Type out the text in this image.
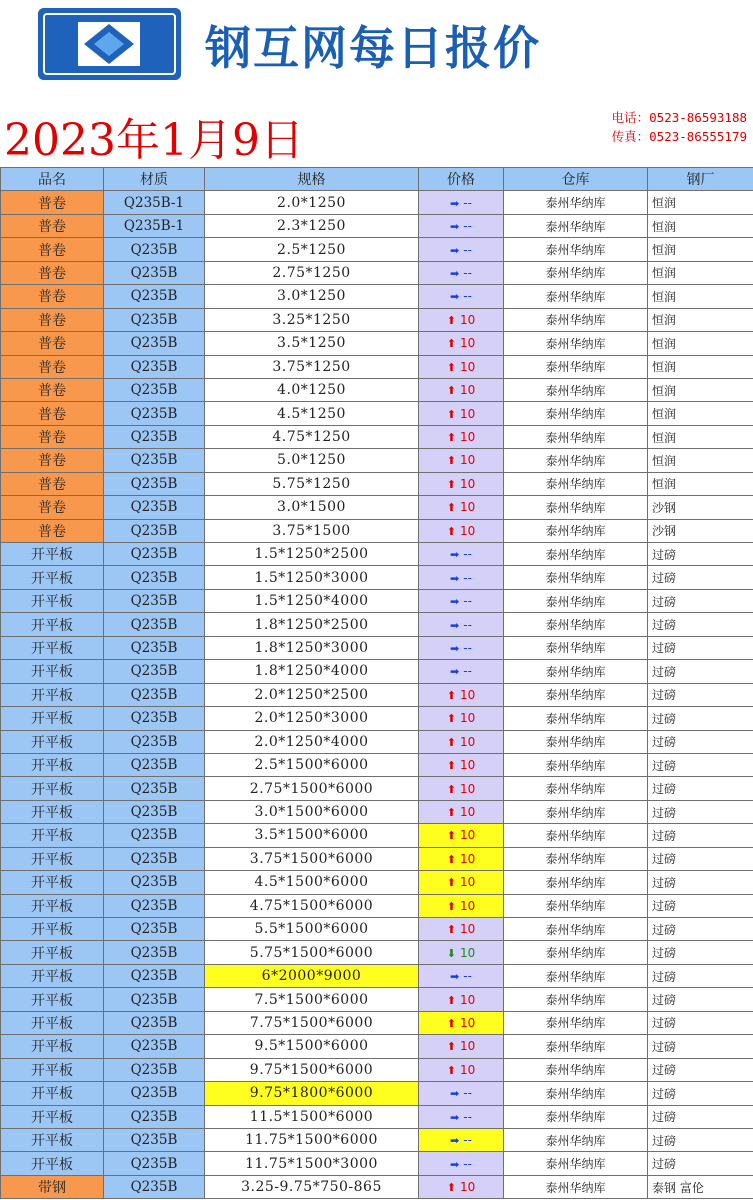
钢互网每日报价
2023年1月9日	电话：0523-86593188
传真：0523-86555179
品名	材质	规格	价格	仓库	钢厂
普卷	Q235B-1	2.0*1250	➡ --	泰州华纳库	恒润
普卷	Q235B-1	2.3*1250	➡ --	泰州华纳库	恒润
普卷	Q235B	2.5*1250	➡ --	泰州华纳库	恒润
普卷	Q235B	2.75*1250	➡ --	泰州华纳库	恒润
普卷	Q235B	3.0*1250	➡ --	泰州华纳库	恒润
普卷	Q235B	3.25*1250	⬆ 10	泰州华纳库	恒润
普卷	Q235B	3.5*1250	⬆ 10	泰州华纳库	恒润
普卷	Q235B	3.75*1250	⬆ 10	泰州华纳库	恒润
普卷	Q235B	4.0*1250	⬆ 10	泰州华纳库	恒润
普卷	Q235B	4.5*1250	⬆ 10	泰州华纳库	恒润
普卷	Q235B	4.75*1250	⬆ 10	泰州华纳库	恒润
普卷	Q235B	5.0*1250	⬆ 10	泰州华纳库	恒润
普卷	Q235B	5.75*1250	⬆ 10	泰州华纳库	恒润
普卷	Q235B	3.0*1500	⬆ 10	泰州华纳库	沙钢
普卷	Q235B	3.75*1500	⬆ 10	泰州华纳库	沙钢
开平板	Q235B	1.5*1250*2500	➡ --	泰州华纳库	过磅
开平板	Q235B	1.5*1250*3000	➡ --	泰州华纳库	过磅
开平板	Q235B	1.5*1250*4000	➡ --	泰州华纳库	过磅
开平板	Q235B	1.8*1250*2500	➡ --	泰州华纳库	过磅
开平板	Q235B	1.8*1250*3000	➡ --	泰州华纳库	过磅
开平板	Q235B	1.8*1250*4000	➡ --	泰州华纳库	过磅
开平板	Q235B	2.0*1250*2500	⬆ 10	泰州华纳库	过磅
开平板	Q235B	2.0*1250*3000	⬆ 10	泰州华纳库	过磅
开平板	Q235B	2.0*1250*4000	⬆ 10	泰州华纳库	过磅
开平板	Q235B	2.5*1500*6000	⬆ 10	泰州华纳库	过磅
开平板	Q235B	2.75*1500*6000	⬆ 10	泰州华纳库	过磅
开平板	Q235B	3.0*1500*6000	⬆ 10	泰州华纳库	过磅
开平板	Q235B	3.5*1500*6000	⬆ 10	泰州华纳库	过磅
开平板	Q235B	3.75*1500*6000	⬆ 10	泰州华纳库	过磅
开平板	Q235B	4.5*1500*6000	⬆ 10	泰州华纳库	过磅
开平板	Q235B	4.75*1500*6000	⬆ 10	泰州华纳库	过磅
开平板	Q235B	5.5*1500*6000	⬆ 10	泰州华纳库	过磅
开平板	Q235B	5.75*1500*6000	⬇ 10	泰州华纳库	过磅
开平板	Q235B	6*2000*9000	➡ --	泰州华纳库	过磅
开平板	Q235B	7.5*1500*6000	⬆ 10	泰州华纳库	过磅
开平板	Q235B	7.75*1500*6000	⬆ 10	泰州华纳库	过磅
开平板	Q235B	9.5*1500*6000	⬆ 10	泰州华纳库	过磅
开平板	Q235B	9.75*1500*6000	⬆ 10	泰州华纳库	过磅
开平板	Q235B	9.75*1800*6000	➡ --	泰州华纳库	过磅
开平板	Q235B	11.5*1500*6000	➡ --	泰州华纳库	过磅
开平板	Q235B	11.75*1500*6000	➡ --	泰州华纳库	过磅
开平板	Q235B	11.75*1500*3000	➡ --	泰州华纳库	过磅
带钢	Q235B	3.25-9.75*750-865	⬆ 10	泰州华纳库	泰钢 富伦
